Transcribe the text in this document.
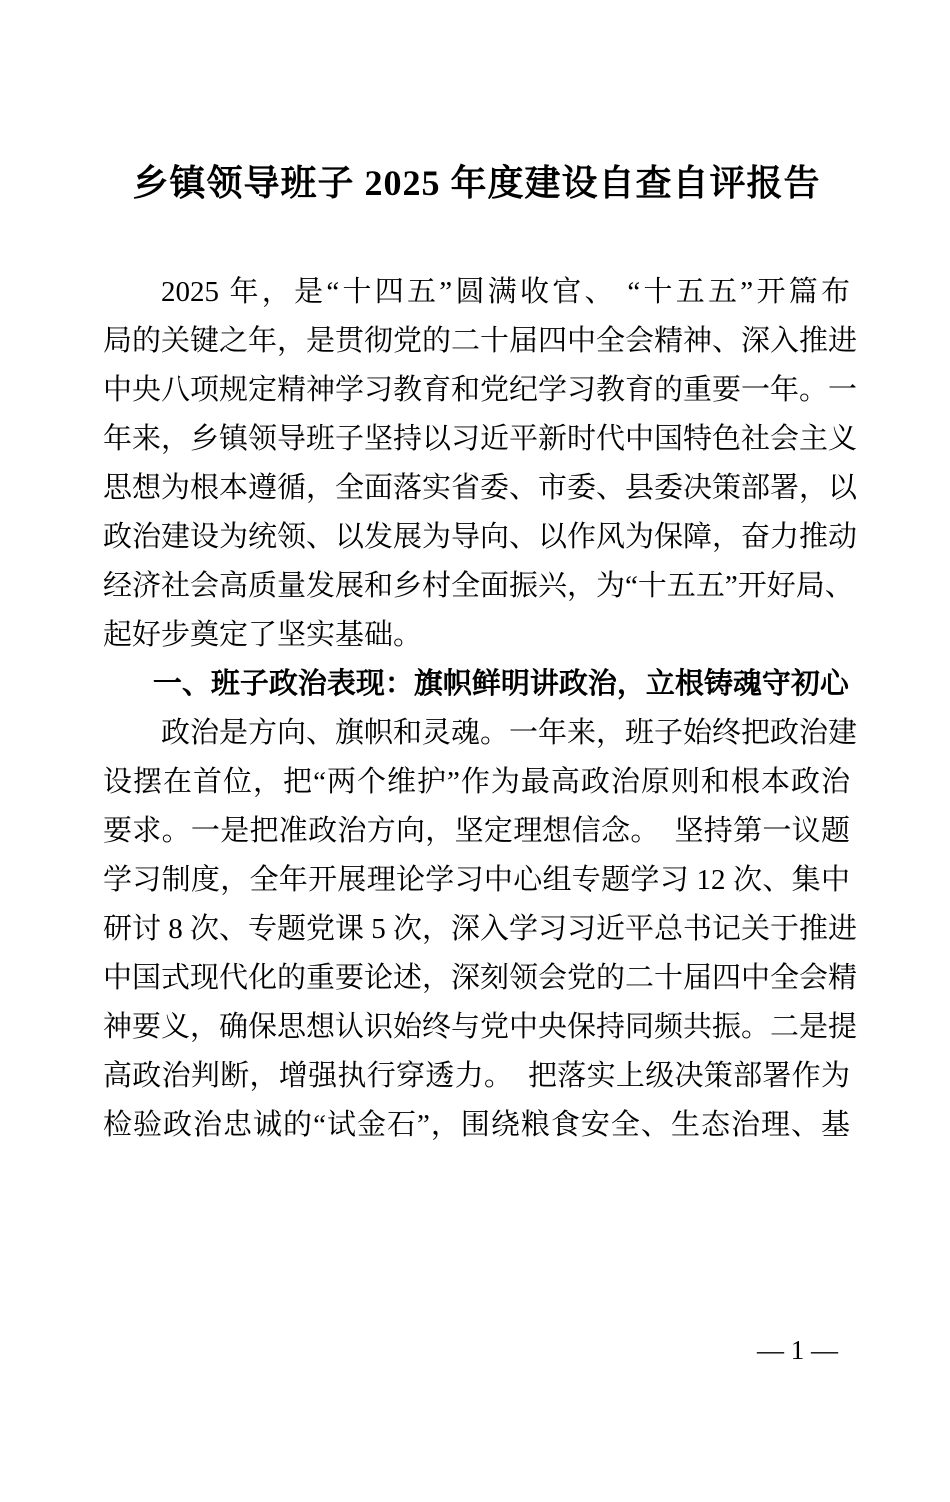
乡镇领导班子 2025 年度建设自查自评报告
2025 年，是“十四五”圆满收官、 “十五五”开篇布
局的关键之年，是贯彻党的二十届四中全会精神、深入推进
中央八项规定精神学习教育和党纪学习教育的重要一年。一
年来，乡镇领导班子坚持以习近平新时代中国特色社会主义
思想为根本遵循，全面落实省委、市委、县委决策部署，以
政治建设为统领、以发展为导向、以作风为保障，奋力推动
经济社会高质量发展和乡村全面振兴，为“十五五”开好局、
起好步奠定了坚实基础。
一、班子政治表现：旗帜鲜明讲政治，立根铸魂守初心
政治是方向、旗帜和灵魂。一年来，班子始终把政治建
设摆在首位，把“两个维护”作为最高政治原则和根本政治
要求。一是把准政治方向，坚定理想信念。　坚持第一议题
学习制度，全年开展理论学习中心组专题学习 12 次、集中
研讨 8 次、专题党课 5 次，深入学习习近平总书记关于推进
中国式现代化的重要论述，深刻领会党的二十届四中全会精
神要义，确保思想认识始终与党中央保持同频共振。二是提
高政治判断，增强执行穿透力。　把落实上级决策部署作为
检验政治忠诚的“试金石”，围绕粮食安全、生态治理、基
— 1 —
